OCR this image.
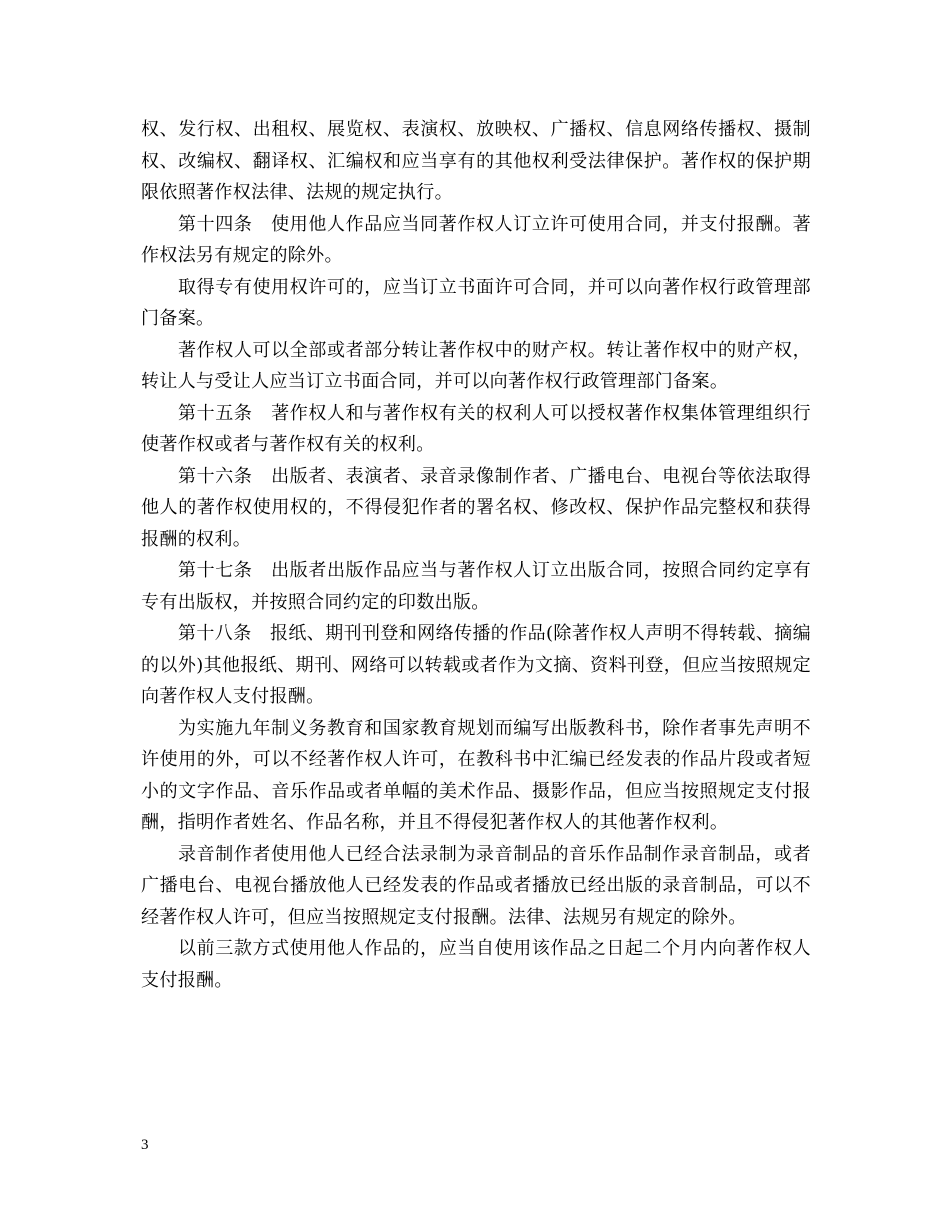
权、发行权、出租权、展览权、表演权、放映权、广播权、信息网络传播权、摄制权、改编权、翻译权、汇编权和应当享有的其他权利受法律保护。著作权的保护期限依照著作权法律、法规的规定执行。

第十四条　使用他人作品应当同著作权人订立许可使用合同，并支付报酬。著作权法另有规定的除外。

取得专有使用权许可的，应当订立书面许可合同，并可以向著作权行政管理部门备案。

著作权人可以全部或者部分转让著作权中的财产权。转让著作权中的财产权，转让人与受让人应当订立书面合同，并可以向著作权行政管理部门备案。

第十五条　著作权人和与著作权有关的权利人可以授权著作权集体管理组织行使著作权或者与著作权有关的权利。

第十六条　出版者、表演者、录音录像制作者、广播电台、电视台等依法取得他人的著作权使用权的，不得侵犯作者的署名权、修改权、保护作品完整权和获得报酬的权利。

第十七条　出版者出版作品应当与著作权人订立出版合同，按照合同约定享有专有出版权，并按照合同约定的印数出版。

第十八条　报纸、期刊刊登和网络传播的作品(除著作权人声明不得转载、摘编的以外)其他报纸、期刊、网络可以转载或者作为文摘、资料刊登，但应当按照规定向著作权人支付报酬。

为实施九年制义务教育和国家教育规划而编写出版教科书，除作者事先声明不许使用的外，可以不经著作权人许可，在教科书中汇编已经发表的作品片段或者短小的文字作品、音乐作品或者单幅的美术作品、摄影作品，但应当按照规定支付报酬，指明作者姓名、作品名称，并且不得侵犯著作权人的其他著作权利。

录音制作者使用他人已经合法录制为录音制品的音乐作品制作录音制品，或者广播电台、电视台播放他人已经发表的作品或者播放已经出版的录音制品，可以不经著作权人许可，但应当按照规定支付报酬。法律、法规另有规定的除外。

以前三款方式使用他人作品的，应当自使用该作品之日起二个月内向著作权人支付报酬。

3
